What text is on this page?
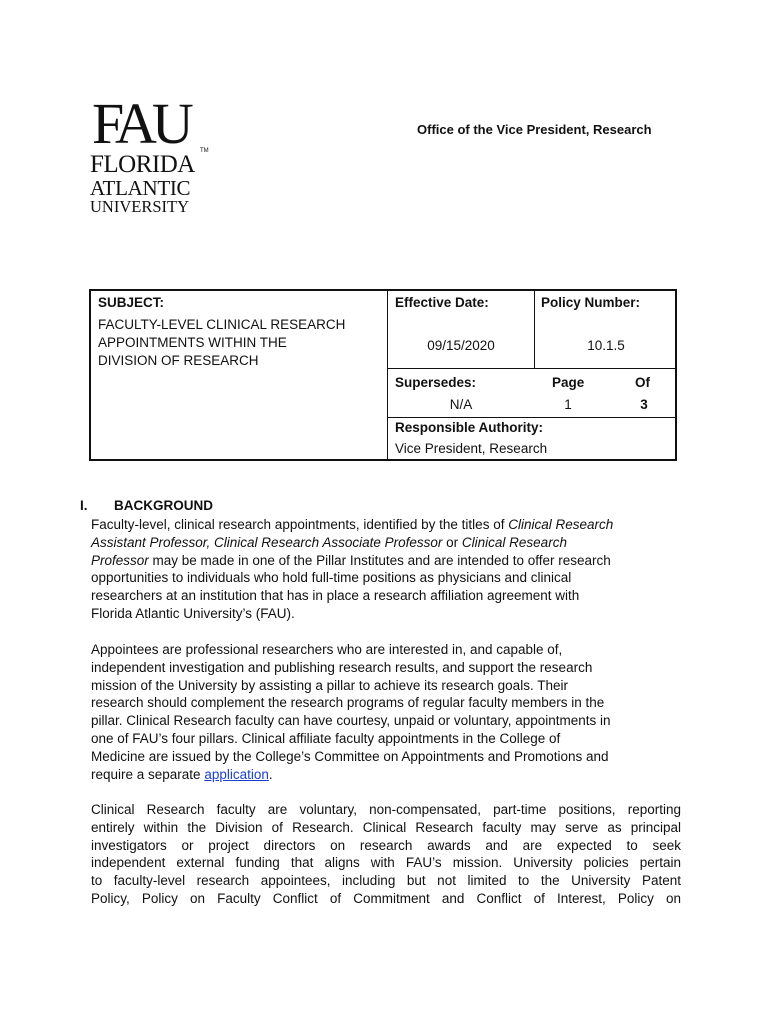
FAU	TM
FLORIDA
ATLANTIC
UNIVERSITY
Office of the Vice President, Research
SUBJECT:
FACULTY-LEVEL CLINICAL RESEARCH
APPOINTMENTS WITHIN THE
DIVISION OF RESEARCH
Effective Date:
09/15/2020
Policy Number:
10.1.5
Supersedes:
N/A
Page
1
Of
3
Responsible Authority:
Vice President, Research
I. BACKGROUND
Faculty-level, clinical research appointments, identified by the titles of Clinical Research
Assistant Professor, Clinical Research Associate Professor or Clinical Research
Professor may be made in one of the Pillar Institutes and are intended to offer research
opportunities to individuals who hold full-time positions as physicians and clinical
researchers at an institution that has in place a research affiliation agreement with
Florida Atlantic University’s (FAU).
Appointees are professional researchers who are interested in, and capable of,
independent investigation and publishing research results, and support the research
mission of the University by assisting a pillar to achieve its research goals. Their
research should complement the research programs of regular faculty members in the
pillar. Clinical Research faculty can have courtesy, unpaid or voluntary, appointments in
one of FAU’s four pillars. Clinical affiliate faculty appointments in the College of
Medicine are issued by the College’s Committee on Appointments and Promotions and
require a separate application.
Clinical Research faculty are voluntary, non-compensated, part-time positions, reporting
entirely within the Division of Research. Clinical Research faculty may serve as principal
investigators or project directors on research awards and are expected to seek
independent external funding that aligns with FAU’s mission. University policies pertain
to faculty-level research appointees, including but not limited to the University Patent
Policy, Policy on Faculty Conflict of Commitment and Conflict of Interest, Policy on
